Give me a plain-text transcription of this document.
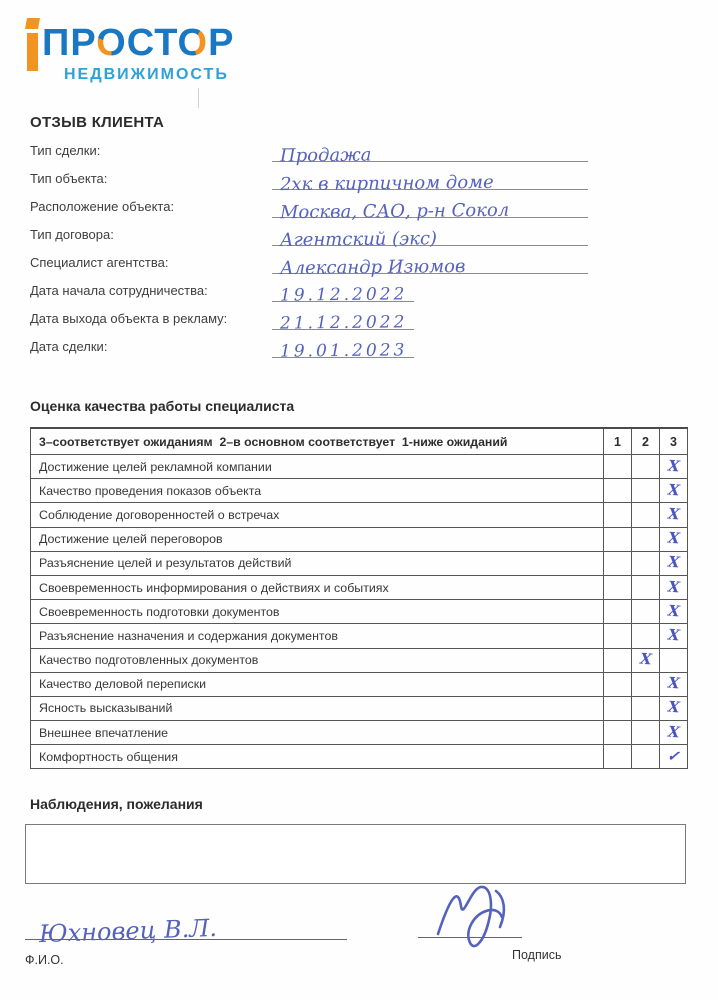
ПРОСТОР
НЕДВИЖИМОСТЬ
ОТЗЫВ КЛИЕНТА
Тип сделки:	Продажа
Тип объекта:	2хк в кирпичном доме
Расположение объекта:	Москва, САО, р-н Сокол
Тип договора:	Агентский (экс)
Специалист агентства:	Александр Изюмов
Дата начала сотрудничества:	19.12.2022
Дата выхода объекта в рекламу:	21.12.2022
Дата сделки:	19.01.2023
Оценка качества работы специалиста
3–соответствует ожиданиям  2–в основном соответствует  1-ниже ожиданий	1	2	3
Достижение целей рекламной компании			X
Качество проведения показов объекта			X
Соблюдение договоренностей о встречах			X
Достижение целей переговоров			X
Разъяснение целей и результатов действий			X
Своевременность информирования о действиях и событиях			X
Своевременность подготовки документов			X
Разъяснение назначения и содержания документов			X
Качество подготовленных документов		X	
Качество деловой переписки			X
Ясность высказываний			X
Внешнее впечатление			X
Комфортность общения			✓
Наблюдения, пожелания
Юхновец В.Л.
Ф.И.О.	Подпись
